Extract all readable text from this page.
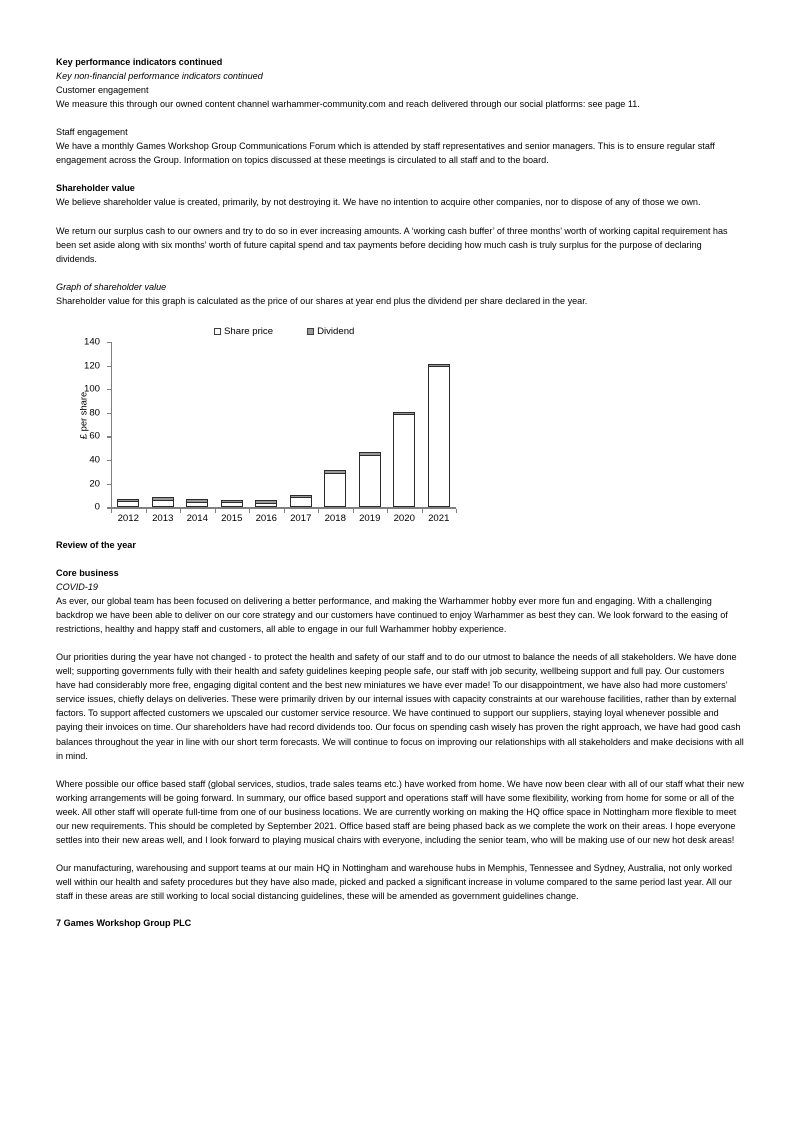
Key performance indicators continued
Key non-financial performance indicators continued
Customer engagement

We measure this through our owned content channel warhammer-community.com and reach delivered through our social platforms: see page 11.

Staff engagement

We have a monthly Games Workshop Group Communications Forum which is attended by staff representatives and senior managers. This is to ensure regular staff engagement across the Group. Information on topics discussed at these meetings is circulated to all staff and to the board.

Shareholder value

We believe shareholder value is created, primarily, by not destroying it. We have no intention to acquire other companies, nor to dispose of any of those we own.

We return our surplus cash to our owners and try to do so in ever increasing amounts. A ‘working cash buffer’ of three months’ worth of working capital requirement has been set aside along with six months’ worth of future capital spend and tax payments before deciding how much cash is truly surplus for the purpose of declaring dividends.

Graph of shareholder value

Shareholder value for this graph is calculated as the price of our shares at year end plus the dividend per share declared in the year.

Share price	Dividend
£ per share
0
20
40
60
80
100
120
140
2012 2013 2014 2015 2016 2017 2018 2019 2020 2021
Review of the year
Core business
COVID-19

As ever, our global team has been focused on delivering a better performance, and making the Warhammer hobby ever more fun and engaging. With a challenging backdrop we have been able to deliver on our core strategy and our customers have continued to enjoy Warhammer as best they can. We look forward to the easing of restrictions, healthy and happy staff and customers, all able to engage in our full Warhammer hobby experience.

Our priorities during the year have not changed - to protect the health and safety of our staff and to do our utmost to balance the needs of all stakeholders. We have done well; supporting governments fully with their health and safety guidelines keeping people safe, our staff with job security, wellbeing support and full pay. Our customers have had considerably more free, engaging digital content and the best new miniatures we have ever made! To our disappointment, we have also had more customers’ service issues, chiefly delays on deliveries. These were primarily driven by our internal issues with capacity constraints at our warehouse facilities, rather than by external factors. To support affected customers we upscaled our customer service resource. We have continued to support our suppliers, staying loyal whenever possible and paying their invoices on time. Our shareholders have had record dividends too. Our focus on spending cash wisely has proven the right approach, we have had good cash balances throughout the year in line with our short term forecasts. We will continue to focus on improving our relationships with all stakeholders and make decisions with all in mind.

Where possible our office based staff (global services, studios, trade sales teams etc.) have worked from home. We have now been clear with all of our staff what their new working arrangements will be going forward. In summary, our office based support and operations staff will have some flexibility, working from home for some or all of the week. All other staff will operate full-time from one of our business locations. We are currently working on making the HQ office space in Nottingham more flexible to meet our new requirements. This should be completed by September 2021. Office based staff are being phased back as we complete the work on their areas. I hope everyone settles into their new areas well, and I look forward to playing musical chairs with everyone, including the senior team, who will be making use of our new hot desk areas!

Our manufacturing, warehousing and support teams at our main HQ in Nottingham and warehouse hubs in Memphis, Tennessee and Sydney, Australia, not only worked well within our health and safety procedures but they have also made, picked and packed a significant increase in volume compared to the same period last year. All our staff in these areas are still working to local social distancing guidelines, these will be amended as government guidelines change.

7 Games Workshop Group PLC
